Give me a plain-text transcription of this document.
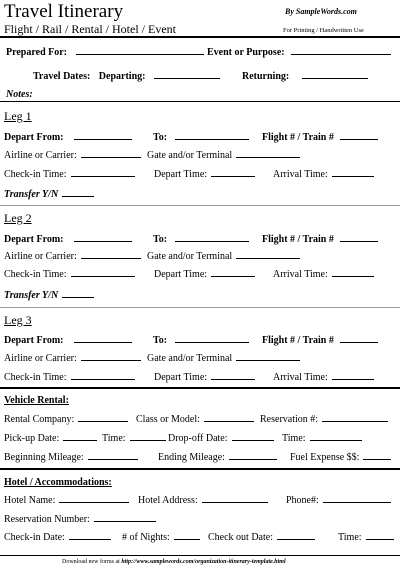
Travel Itinerary
Flight / Rail / Rental / Hotel / Event
By SampleWords.com
For Printing / Handwritten Use
Prepared For:	Event or Purpose:
Travel Dates: Departing:	Returning:
Notes:
Leg 1
Depart From:	To:	Flight # / Train #
Airline or Carrier:	Gate and/or Terminal
Check-in Time:	Depart Time:	Arrival Time:
Transfer Y/N
Leg 2
Depart From:	To:	Flight # / Train #
Airline or Carrier:	Gate and/or Terminal
Check-in Time:	Depart Time:	Arrival Time:
Transfer Y/N
Leg 3
Depart From:	To:	Flight # / Train #
Airline or Carrier:	Gate and/or Terminal
Check-in Time:	Depart Time:	Arrival Time:
Vehicle Rental:
Rental Company:	Class or Model:	Reservation #:
Pick-up Date:	Time:	Drop-off Date:	Time:
Beginning Mileage:	Ending Mileage:	Fuel Expense $$:
Hotel / Accommodations:
Hotel Name:	Hotel Address:	Phone#:
Reservation Number:
Check-in Date:	# of Nights:	Check out Date:	Time:
Download new forms at http://www.samplewords.com/organization-itinerary-template.html
